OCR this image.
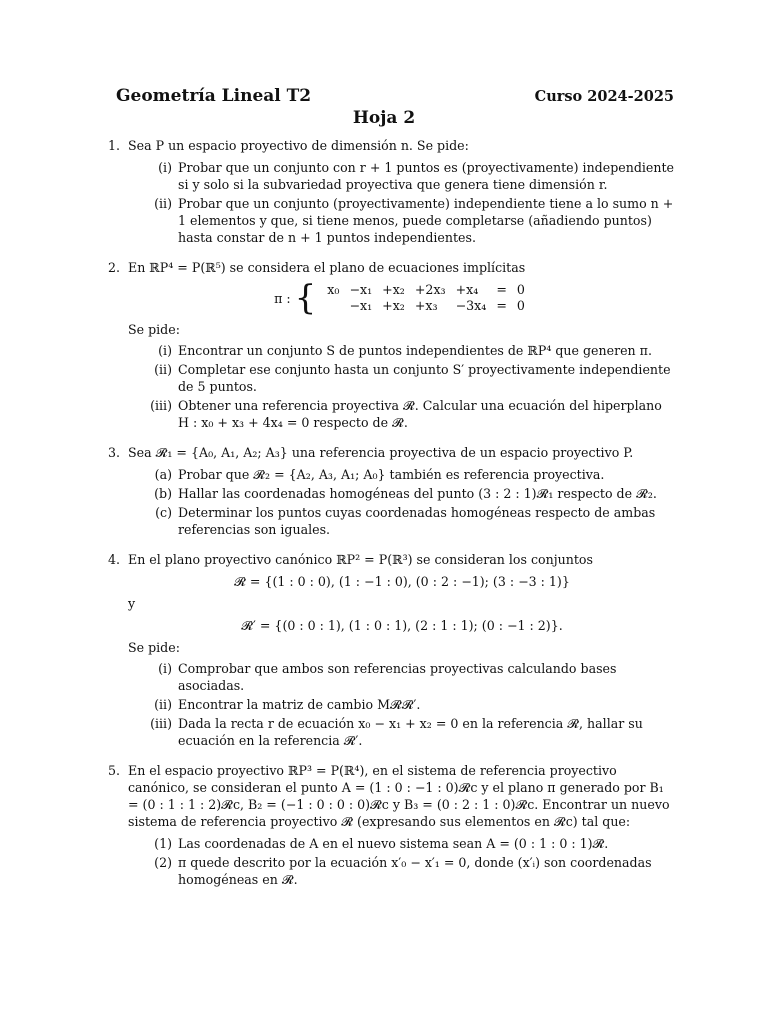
Geometría Lineal T2	Curso 2024-2025
Hoja 2
1. Sea P un espacio proyectivo de dimensión n. Se pide:
(i) Probar que un conjunto con r + 1 puntos es (proyectivamente) independiente si y solo si la subvariedad proyectiva que genera tiene dimensión r.
(ii) Probar que un conjunto (proyectivamente) independiente tiene a lo sumo n + 1 elementos y que, si tiene menos, puede completarse (añadiendo puntos) hasta constar de n + 1 puntos independientes.
2. En ℝP⁴ = P(ℝ⁵) se considera el plano de ecuaciones implícitas
π : { x₀	−x₁	+x₂	+2x₃	+x₄	=	0
	−x₁	+x₂	+x₃	−3x₄	=	0
Se pide:
(i) Encontrar un conjunto S de puntos independientes de ℝP⁴ que generen π.
(ii) Completar ese conjunto hasta un conjunto S′ proyectivamente independiente de 5 puntos.
(iii) Obtener una referencia proyectiva 𝓡. Calcular una ecuación del hiperplano H : x₀ + x₃ + 4x₄ = 0 respecto de 𝓡.
3. Sea 𝓡₁ = {A₀, A₁, A₂; A₃} una referencia proyectiva de un espacio proyectivo P.
(a) Probar que 𝓡₂ = {A₂, A₃, A₁; A₀} también es referencia proyectiva.
(b) Hallar las coordenadas homogéneas del punto (3 : 2 : 1)𝓡₁ respecto de 𝓡₂.
(c) Determinar los puntos cuyas coordenadas homogéneas respecto de ambas referencias son iguales.
4. En el plano proyectivo canónico ℝP² = P(ℝ³) se consideran los conjuntos
𝓡 = {(1 : 0 : 0), (1 : −1 : 0), (0 : 2 : −1); (3 : −3 : 1)}
y
𝓡′ = {(0 : 0 : 1), (1 : 0 : 1), (2 : 1 : 1); (0 : −1 : 2)}.
Se pide:
(i) Comprobar que ambos son referencias proyectivas calculando bases asociadas.
(ii) Encontrar la matriz de cambio M𝓡𝓡′.
(iii) Dada la recta r de ecuación x₀ − x₁ + x₂ = 0 en la referencia 𝓡, hallar su ecuación en la referencia 𝓡′.
5. En el espacio proyectivo ℝP³ = P(ℝ⁴), en el sistema de referencia proyectivo canónico, se consideran el punto A = (1 : 0 : −1 : 0)𝓡c y el plano π generado por B₁ = (0 : 1 : 1 : 2)𝓡c, B₂ = (−1 : 0 : 0 : 0)𝓡c y B₃ = (0 : 2 : 1 : 0)𝓡c. Encontrar un nuevo sistema de referencia proyectivo 𝓡 (expresando sus elementos en 𝓡c) tal que:
(1) Las coordenadas de A en el nuevo sistema sean A = (0 : 1 : 0 : 1)𝓡.
(2) π quede descrito por la ecuación x′₀ − x′₁ = 0, donde (x′ᵢ) son coordenadas homogéneas en 𝓡.
